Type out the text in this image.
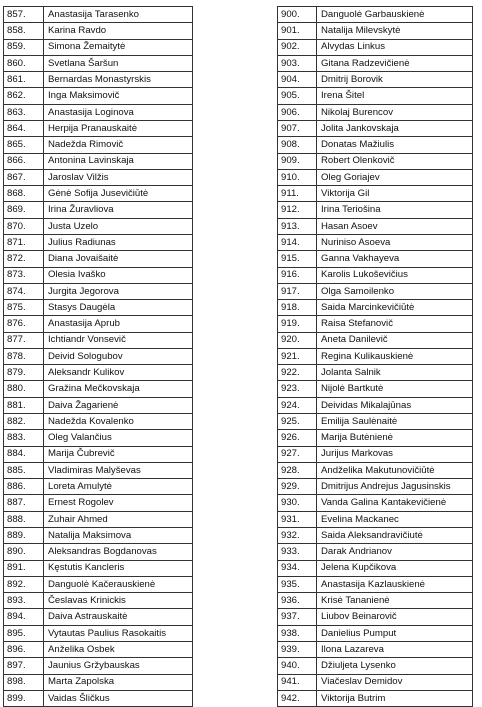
857.	Anastasija Tarasenko
858.	Karina Ravdo
859.	Simona Žemaitytė
860.	Svetlana Šaršun
861.	Bernardas Monastyrskis
862.	Inga Maksimovič
863.	Anastasija Loginova
864.	Herpija Pranauskaitė
865.	Nadežda Rimovič
866.	Antonina Lavinskaja
867.	Jaroslav Vilžis
868.	Gėnė Sofija Jusevičiūtė
869.	Irina Žuravliova
870.	Justa Uzelo
871.	Julius Radiunas
872.	Diana Jovaišaitė
873.	Olesia Ivaško
874.	Jurgita Jegorova
875.	Stasys Daugėla
876.	Anastasija Aprub
877.	Ichtiandr Vonsevič
878.	Deivid Sologubov
879.	Aleksandr Kulikov
880.	Gražina Mečkovskaja
881.	Daiva Žagarienė
882.	Nadežda Kovalenko
883.	Oleg Valančius
884.	Marija Čubrevič
885.	Vladimiras Malyševas
886.	Loreta Amulytė
887.	Ernest Rogolev
888.	Zuhair Ahmed
889.	Natalija Maksimova
890.	Aleksandras Bogdanovas
891.	Kęstutis Kancleris
892.	Danguolė Kačerauskienė
893.	Česlavas Krinickis
894.	Daiva Astrauskaitė
895.	Vytautas Paulius Rasokaitis
896.	Anželika Osbek
897.	Jaunius Gržybauskas
898.	Marta Zapolska
899.	Vaidas Šličkus
900.	Danguolė Garbauskienė
901.	Natalija Milevskytė
902.	Alvydas Linkus
903.	Gitana Radzevičienė
904.	Dmitrij Borovik
905.	Irena Šitel
906.	Nikolaj Burencov
907.	Jolita Jankovskaja
908.	Donatas Mažiulis
909.	Robert Olenkovič
910.	Oleg Goriajev
911.	Viktorija Gil
912.	Irina Teriošina
913.	Hasan Asoev
914.	Nuriniso Asoeva
915.	Ganna Vakhayeva
916.	Karolis Lukoševičius
917.	Olga Samoilenko
918.	Saida Marcinkevičiūtė
919.	Raisa Stefanovič
920.	Aneta Danilevič
921.	Regina Kulikauskienė
922.	Jolanta Salnik
923.	Nijolė Bartkutė
924.	Deividas Mikalajūnas
925.	Emilija Saulėnaitė
926.	Marija Butėnienė
927.	Jurijus Markovas
928.	Andželika Makutunovičiūtė
929.	Dmitrijus Andrejus Jagusinskis
930.	Vanda Galina Kantakevičienė
931.	Evelina Mackanec
932.	Saida Aleksandravičiutė
933.	Darak Andrianov
934.	Jelena Kupčikova
935.	Anastasija Kazlauskienė
936.	Krisė Tananienė
937.	Liubov Beinarovič
938.	Danielius Pumput
939.	Ilona Lazareva
940.	Džiuljeta Lysenko
941.	Viačeslav Demidov
942.	Viktorija Butrim
